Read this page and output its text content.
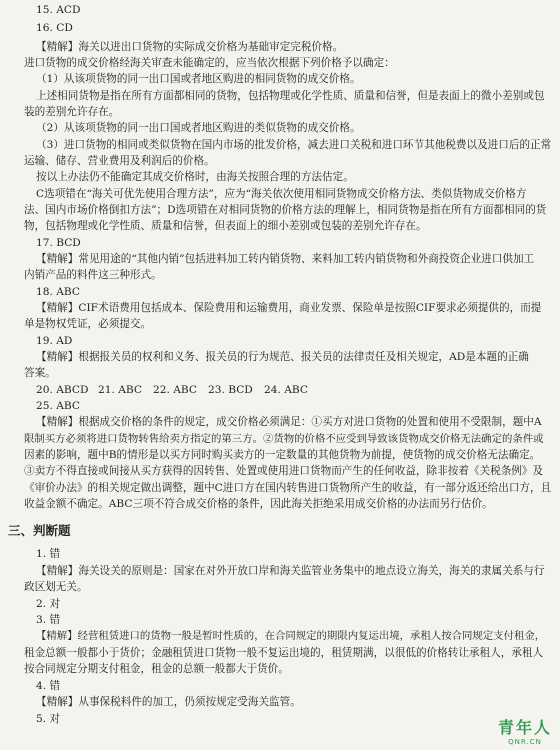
15. ACD
16. CD
【精解】海关以进出口货物的实际成交价格为基础审定完税价格。
进口货物的成交价格经海关审查未能确定的，应当依次根据下列价格予以确定：
（1）从该项货物的同一出口国或者地区购进的相同货物的成交价格。
上述相同货物是指在所有方面都相同的货物，包括物理或化学性质、质量和信誉，但是表面上的微小差别或包
装的差别允许存在。
（2）从该项货物的同一出口国或者地区购进的类似货物的成交价格。
（3）进口货物的相同或类似货物在国内市场的批发价格，减去进口关税和进口环节其他税费以及进口后的正常
运输、储存、营业费用及利润后的价格。
按以上办法仍不能确定其成交价格时，由海关按照合理的方法估定。
C选项错在“海关可优先使用合理方法”，应为“海关依次使用相同货物成交价格方法、类似货物成交价格方
法、国内市场价格倒扣方法”；D选项错在对相同货物的价格方法的理解上，相同货物是指在所有方面都相同的货
物，包括物理或化学性质、质量和信誉，但表面上的细小差别或包装的差别允许存在。
17. BCD
【精解】常见用途的“其他内销”包括进料加工转内销货物、来料加工转内销货物和外商投资企业进口供加工
内销产品的料件这三种形式。
18. ABC
【精解】CIF术语费用包括成本、保险费用和运输费用，商业发票、保险单是按照CIF要求必须提供的，而提
单是物权凭证，必须提交。
19. AD
【精解】根据报关员的权利和义务、报关员的行为规范、报关员的法律责任及相关规定，AD是本题的正确
答案。
20. ABCD 21. ABC 22. ABC 23. BCD 24. ABC
25. ABC
【精解】根据成交价格的条件的规定，成交价格必须满足：①买方对进口货物的处置和使用不受限制，题中A
限制买方必须将进口货物转售给卖方指定的第三方。②货物的价格不应受到导致该货物成交价格无法确定的条件或
因素的影响，题中B的情形是以买方同时购买卖方的一定数量的其他货物为前提，使货物的成交价格无法确定。
③卖方不得直接或间接从买方获得的因转售、处置或使用进口货物而产生的任何收益，除非按着《关税条例》及
《审价办法》的相关规定做出调整，题中C进口方在国内转售进口货物所产生的收益，有一部分返还给出口方，且
收益金额不确定。ABC三项不符合成交价格的条件，因此海关拒绝采用成交价格的办法而另行估价。
三、判断题
1. 错
【精解】海关设关的原则是：国家在对外开放口岸和海关监管业务集中的地点设立海关，海关的隶属关系与行
政区划无关。
2. 对
3. 错
【精解】经营租赁进口的货物一般是暂时性质的，在合同规定的期限内复运出境，承租人按合同规定支付租金，
租金总额一般都小于货价；金融租赁进口货物一般不复运出境的，租赁期满，以很低的价格转让承租人，承租人
按合同规定分期支付租金，租金的总额一般都大于货价。
4. 错
【精解】从事保税料件的加工，仍须按规定受海关监管。
5. 对	青年人
QNR.CN
